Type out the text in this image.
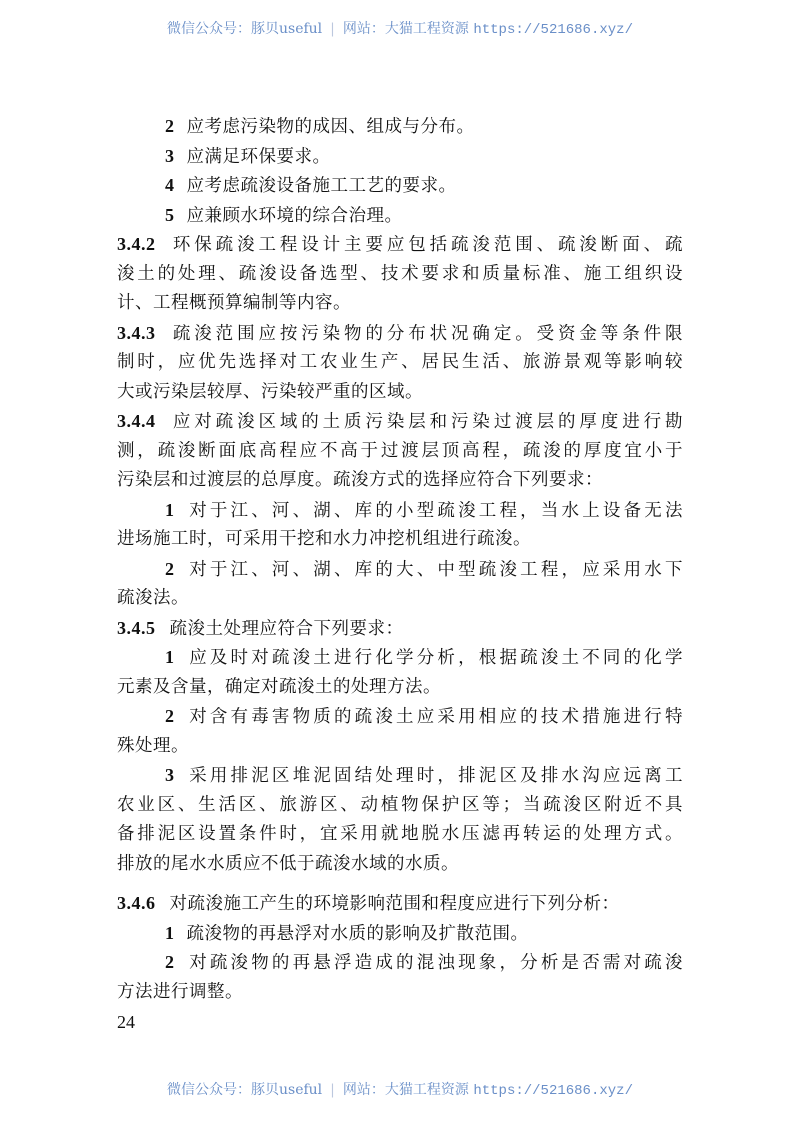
微信公众号：豚贝useful | 网站：大猫工程资源 https://521686.xyz/
2 应考虑污染物的成因、组成与分布。
3 应满足环保要求。
4 应考虑疏浚设备施工工艺的要求。
5 应兼顾水环境的综合治理。
3.4.2 环保疏浚工程设计主要应包括疏浚范围、疏浚断面、疏
浚土的处理、疏浚设备选型、技术要求和质量标准、施工组织设
计、工程概预算编制等内容。
3.4.3 疏浚范围应按污染物的分布状况确定。受资金等条件限
制时，应优先选择对工农业生产、居民生活、旅游景观等影响较
大或污染层较厚、污染较严重的区域。
3.4.4 应对疏浚区域的土质污染层和污染过渡层的厚度进行勘
测，疏浚断面底高程应不高于过渡层顶高程，疏浚的厚度宜小于
污染层和过渡层的总厚度。疏浚方式的选择应符合下列要求：
1 对于江、河、湖、库的小型疏浚工程，当水上设备无法
进场施工时，可采用干挖和水力冲挖机组进行疏浚。
2 对于江、河、湖、库的大、中型疏浚工程，应采用水下
疏浚法。
3.4.5 疏浚土处理应符合下列要求：
1 应及时对疏浚土进行化学分析，根据疏浚土不同的化学
元素及含量，确定对疏浚土的处理方法。
2 对含有毒害物质的疏浚土应采用相应的技术措施进行特
殊处理。
3 采用排泥区堆泥固结处理时，排泥区及排水沟应远离工
农业区、生活区、旅游区、动植物保护区等；当疏浚区附近不具
备排泥区设置条件时，宜采用就地脱水压滤再转运的处理方式。
排放的尾水水质应不低于疏浚水域的水质。
3.4.6 对疏浚施工产生的环境影响范围和程度应进行下列分析：
1 疏浚物的再悬浮对水质的影响及扩散范围。
2 对疏浚物的再悬浮造成的混浊现象，分析是否需对疏浚
方法进行调整。
24
微信公众号：豚贝useful | 网站：大猫工程资源 https://521686.xyz/
